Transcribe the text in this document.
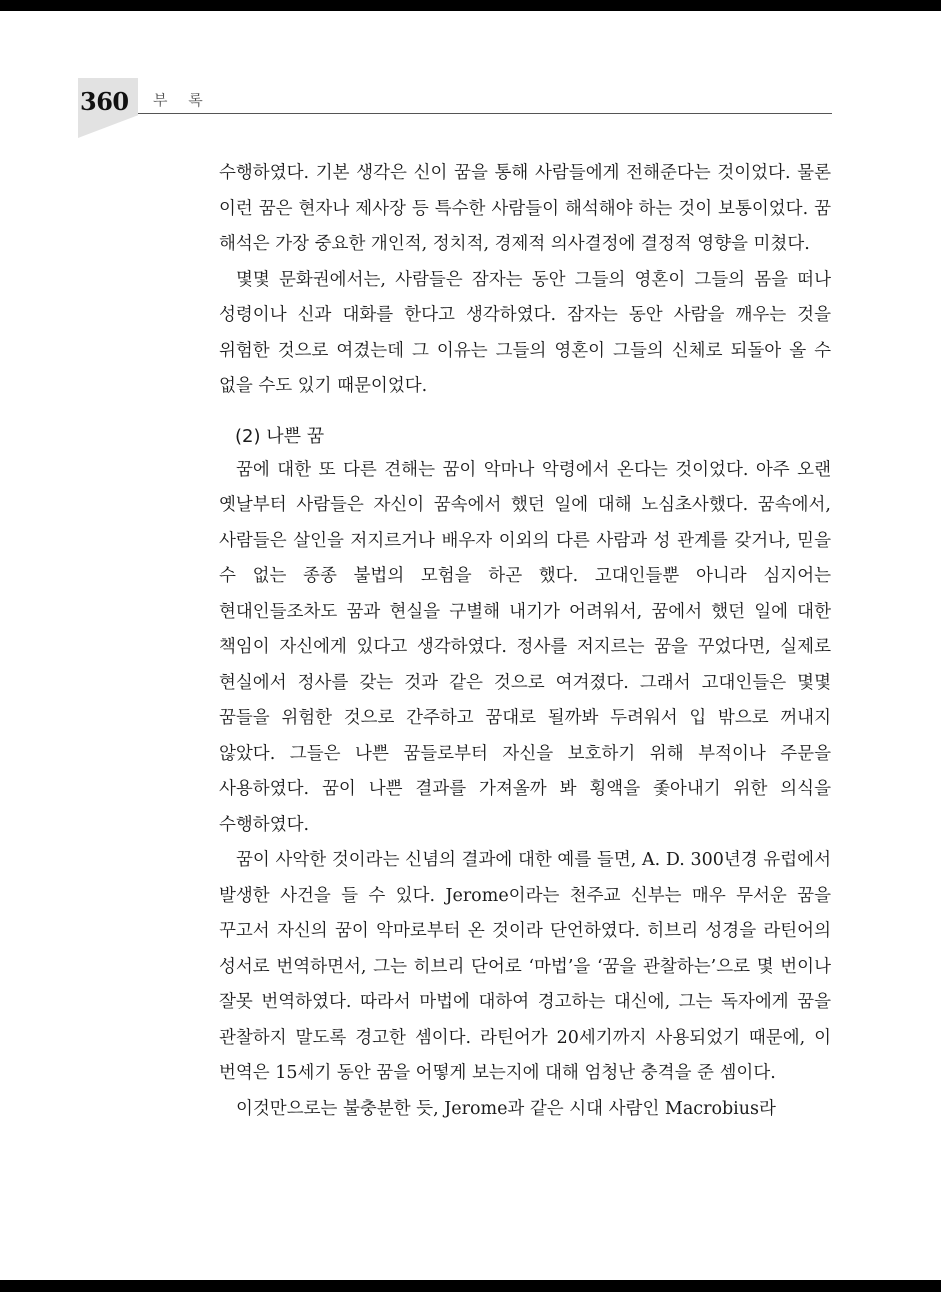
360 부 록

수행하였다. 기본 생각은 신이 꿈을 통해 사람들에게 전해준다는 것이었다. 물론 이런 꿈은 현자나 제사장 등 특수한 사람들이 해석해야 하는 것이 보통이었다. 꿈 해석은 가장 중요한 개인적, 정치적, 경제적 의사결정에 결정적 영향을 미쳤다.

몇몇 문화권에서는, 사람들은 잠자는 동안 그들의 영혼이 그들의 몸을 떠나 성령이나 신과 대화를 한다고 생각하였다. 잠자는 동안 사람을 깨우는 것을 위험한 것으로 여겼는데 그 이유는 그들의 영혼이 그들의 신체로 되돌아 올 수 없을 수도 있기 때문이었다.

(2) 나쁜 꿈

꿈에 대한 또 다른 견해는 꿈이 악마나 악령에서 온다는 것이었다. 아주 오랜 옛날부터 사람들은 자신이 꿈속에서 했던 일에 대해 노심초사했다. 꿈속에서, 사람들은 살인을 저지르거나 배우자 이외의 다른 사람과 성 관계를 갖거나, 믿을 수 없는 종종 불법의 모험을 하곤 했다. 고대인들뿐 아니라 심지어는 현대인들조차도 꿈과 현실을 구별해 내기가 어려워서, 꿈에서 했던 일에 대한 책임이 자신에게 있다고 생각하였다. 정사를 저지르는 꿈을 꾸었다면, 실제로 현실에서 정사를 갖는 것과 같은 것으로 여겨졌다. 그래서 고대인들은 몇몇 꿈들을 위험한 것으로 간주하고 꿈대로 될까봐 두려워서 입 밖으로 꺼내지 않았다. 그들은 나쁜 꿈들로부터 자신을 보호하기 위해 부적이나 주문을 사용하였다. 꿈이 나쁜 결과를 가져올까 봐 횡액을 좇아내기 위한 의식을 수행하였다.

꿈이 사악한 것이라는 신념의 결과에 대한 예를 들면, A. D. 300년경 유럽에서 발생한 사건을 들 수 있다. Jerome이라는 천주교 신부는 매우 무서운 꿈을 꾸고서 자신의 꿈이 악마로부터 온 것이라 단언하였다. 히브리 성경을 라틴어의 성서로 번역하면서, 그는 히브리 단어로 ‘마법’을 ‘꿈을 관찰하는’으로 몇 번이나 잘못 번역하였다. 따라서 마법에 대하여 경고하는 대신에, 그는 독자에게 꿈을 관찰하지 말도록 경고한 셈이다. 라틴어가 20세기까지 사용되었기 때문에, 이 번역은 15세기 동안 꿈을 어떻게 보는지에 대해 엄청난 충격을 준 셈이다.

이것만으로는 불충분한 듯, Jerome과 같은 시대 사람인 Macrobius라
